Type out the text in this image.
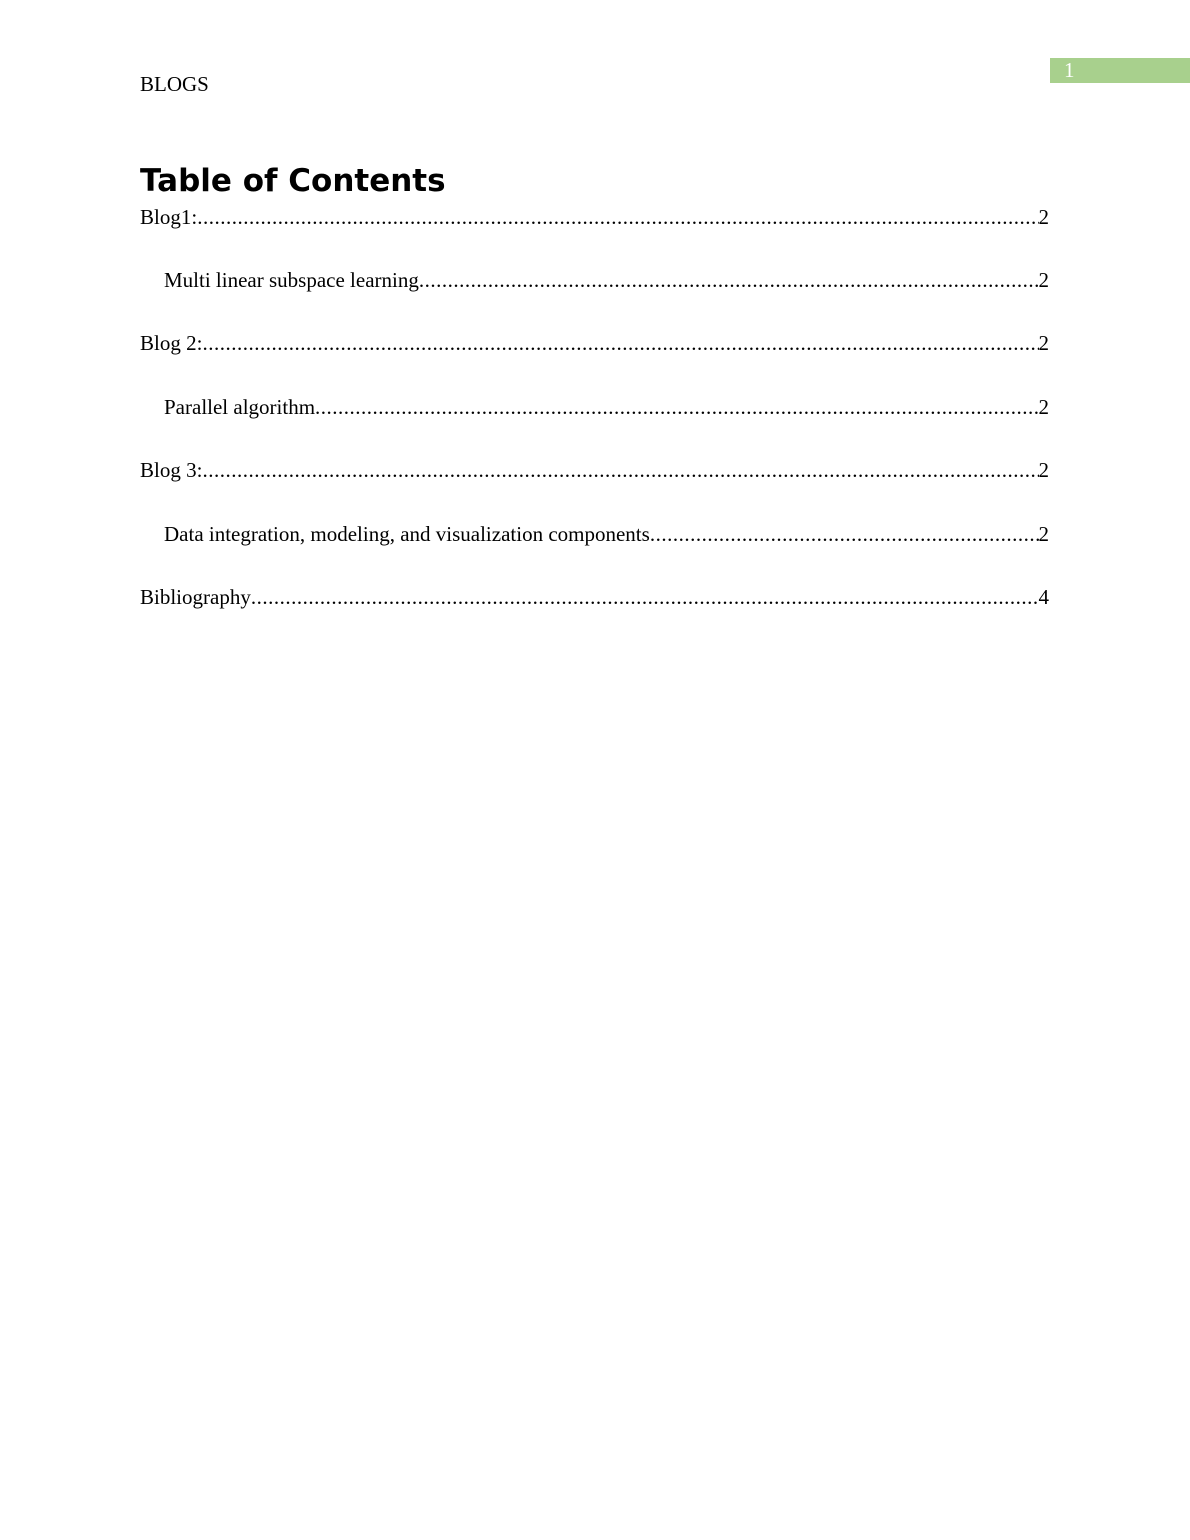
1
BLOGS
Table of Contents
Blog1: .....	2
Multi linear subspace learning .....	2
Blog 2: .....	2
Parallel algorithm .....	2
Blog 3: .....	2
Data integration, modeling, and visualization components .....	2
Bibliography .....	4
